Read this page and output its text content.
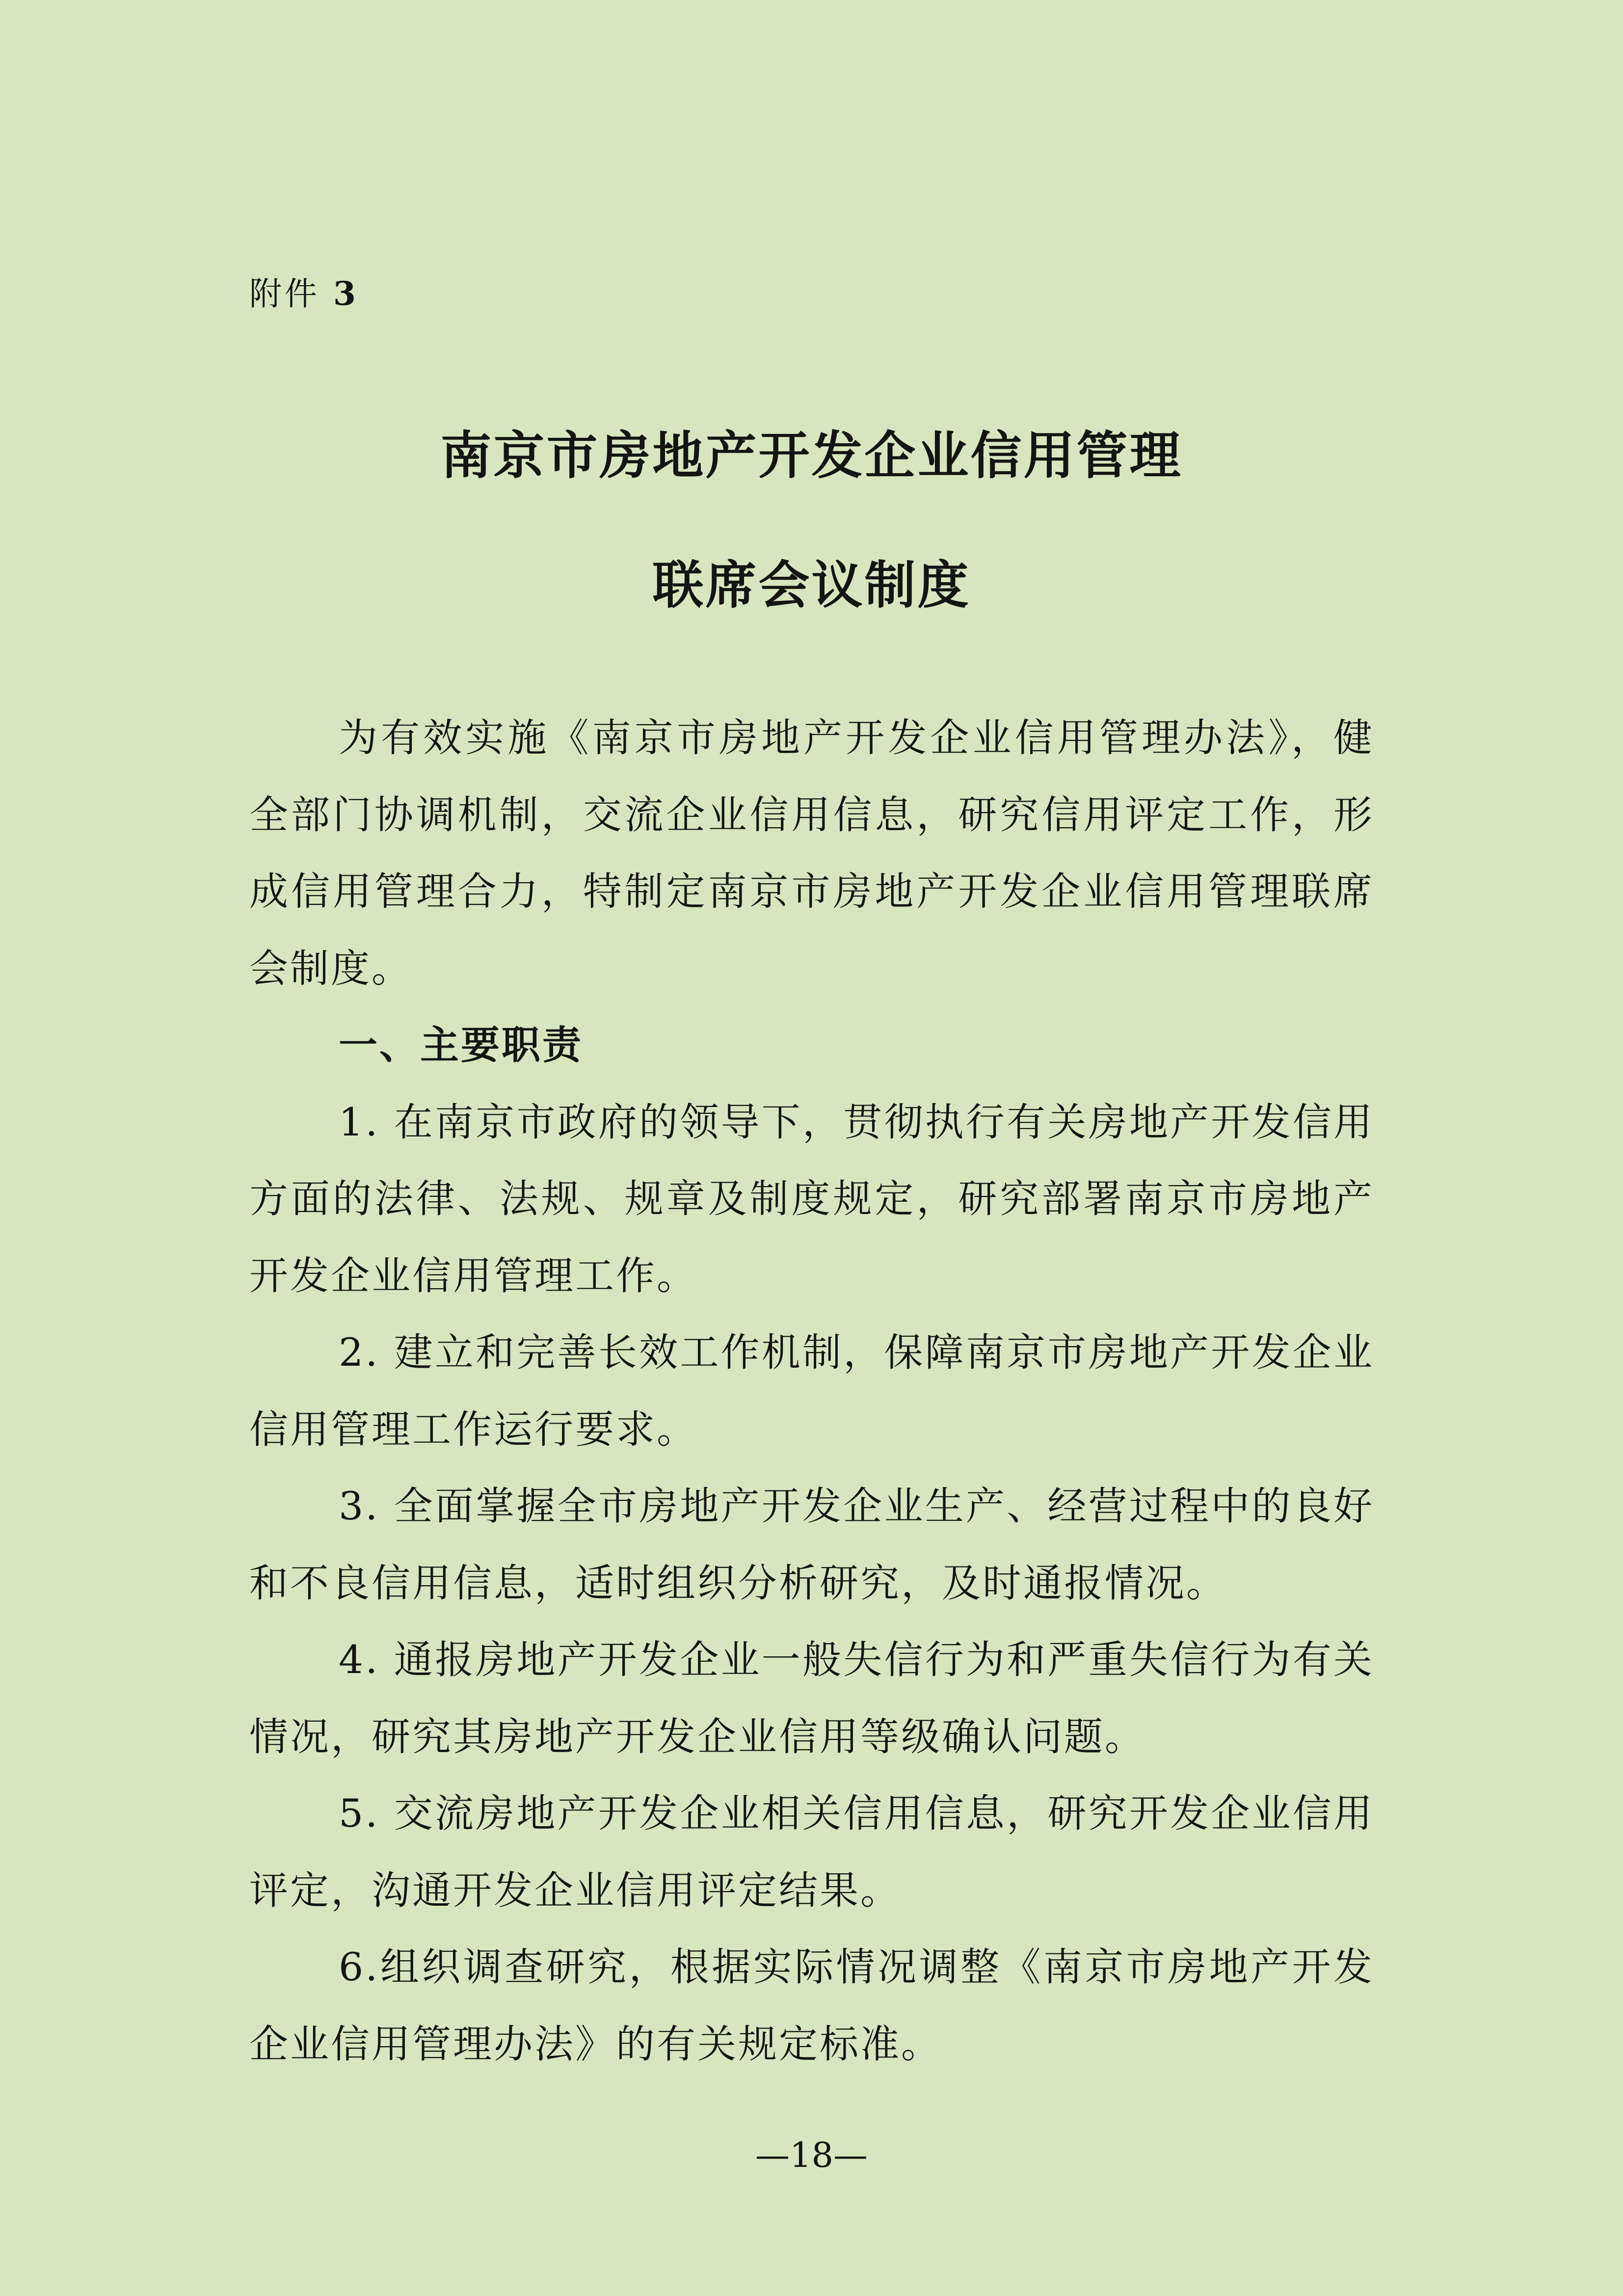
附件 3
南京市房地产开发企业信用管理
联席会议制度

为有效实施《南京市房地产开发企业信用管理办法》，健全部门协调机制，交流企业信用信息，研究信用评定工作，形成信用管理合力，特制定南京市房地产开发企业信用管理联席会制度。

一、主要职责

1. 在南京市政府的领导下，贯彻执行有关房地产开发信用方面的法律、法规、规章及制度规定，研究部署南京市房地产开发企业信用管理工作。

2. 建立和完善长效工作机制，保障南京市房地产开发企业信用管理工作运行要求。

3. 全面掌握全市房地产开发企业生产、经营过程中的良好和不良信用信息，适时组织分析研究，及时通报情况。

4. 通报房地产开发企业一般失信行为和严重失信行为有关情况，研究其房地产开发企业信用等级确认问题。

5. 交流房地产开发企业相关信用信息，研究开发企业信用评定，沟通开发企业信用评定结果。

6.组织调查研究，根据实际情况调整《南京市房地产开发企业信用管理办法》的有关规定标准。

—18—
